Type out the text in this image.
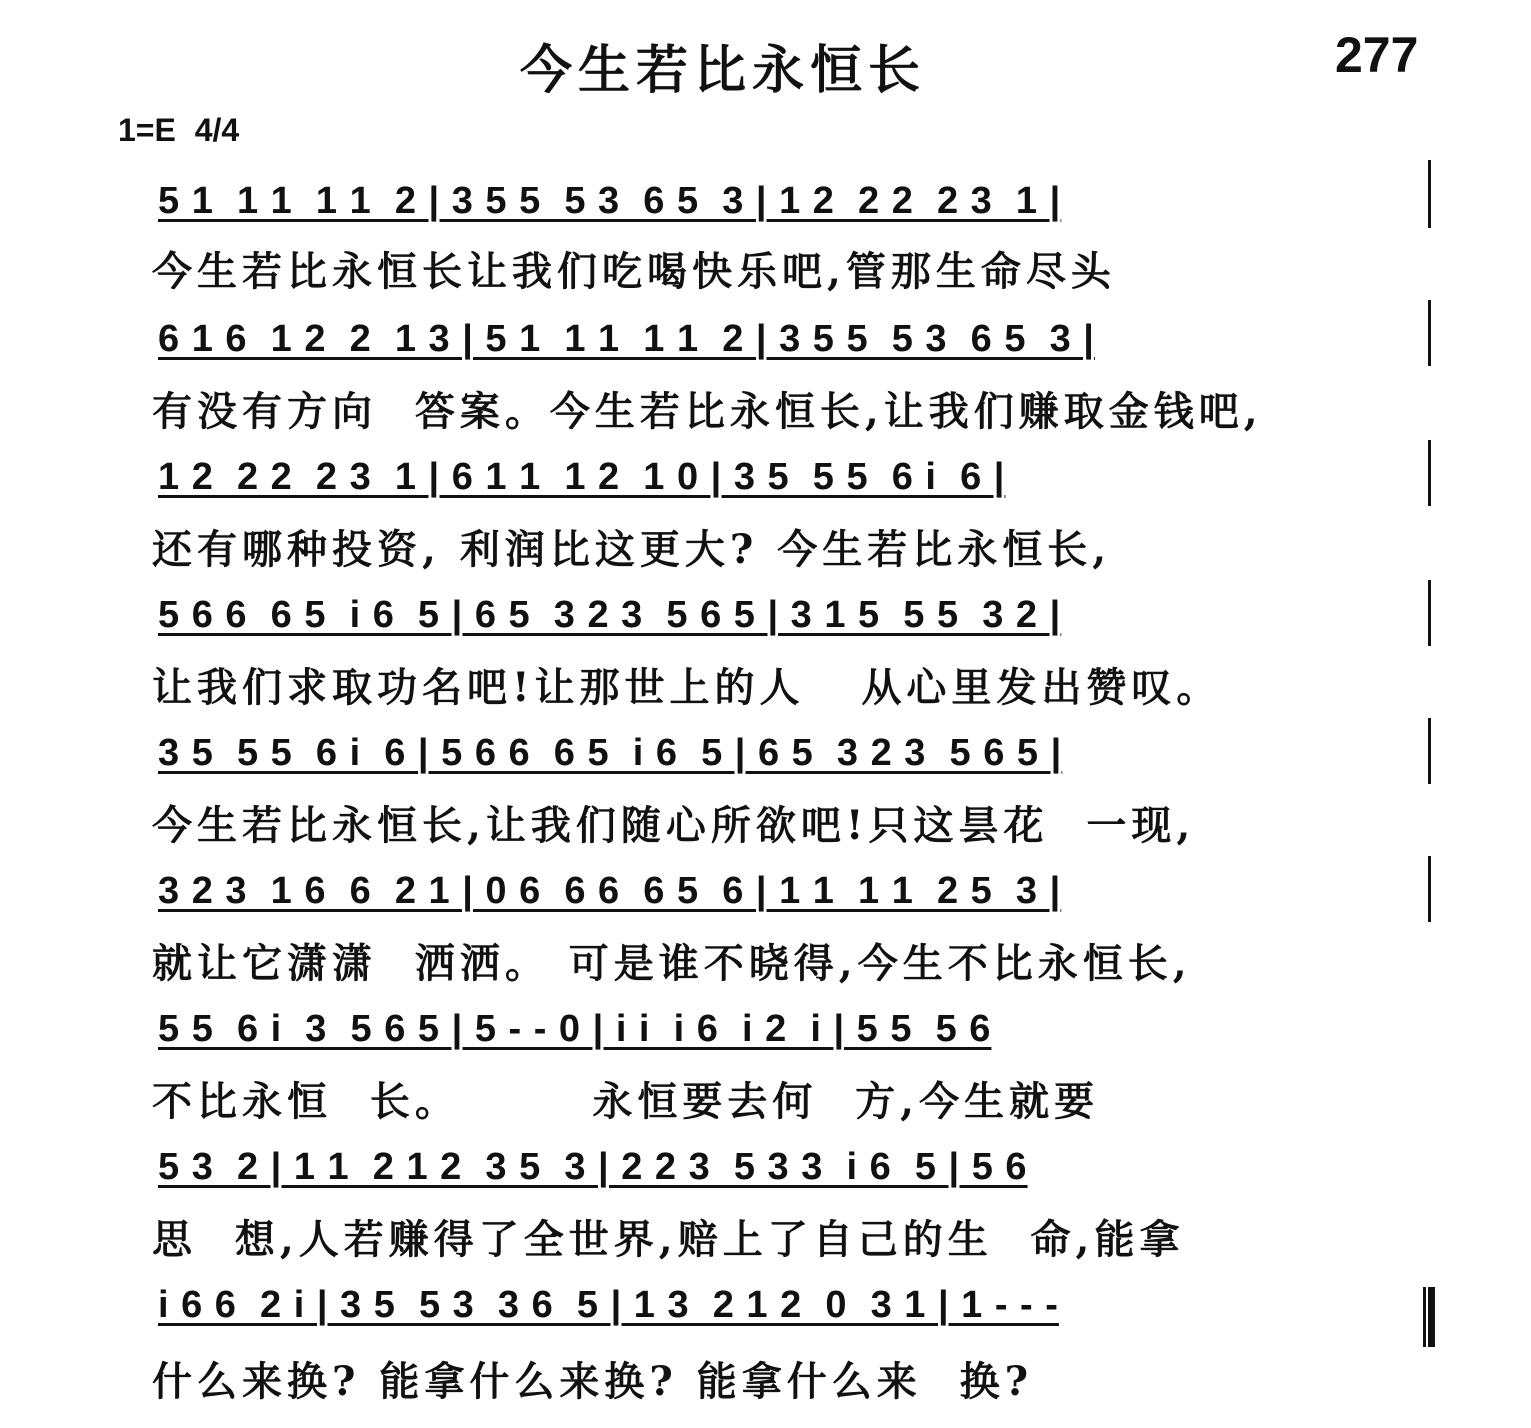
今生若比永恒长	277
1=E 4/4
5 1  1 1  1 1  2 | 3 5 5  5 3  6 5  3 | 1 2  2 2  2 3  1 |
今生若比永恒长让我们吃喝快乐吧,管那生命尽头
6 1 6  1 2  2  1 3 | 5 1  1 1  1 1  2 | 3 5 5  5 3  6 5  3 |
有没有方向  答案。今生若比永恒长,让我们赚取金钱吧,
1 2  2 2  2 3  1 | 6 1 1  1 2  1 0 | 3 5  5 5  6 i  6 |
还有哪种投资, 利润比这更大? 今生若比永恒长,
5 6 6  6 5  i 6  5 | 6 5  3 2 3  5 6 5 | 3 1 5  5 5  3 2 |
让我们求取功名吧!让那世上的人   从心里发出赞叹。
3 5  5 5  6 i  6 | 5 6 6  6 5  i 6  5 | 6 5  3 2 3  5 6 5 |
今生若比永恒长,让我们随心所欲吧!只这昙花  一现,
3 2 3  1 6  6  2 1 | 0 6  6 6  6 5  6 | 1 1  1 1  2 5  3 |
就让它潇潇  洒洒。 可是谁不晓得,今生不比永恒长,
5 5  6 i  3  5 6 5 | 5 - - 0 | i i  i 6  i 2  i | 5 5  5 6
不比永恒  长。       永恒要去何  方,今生就要
5 3  2 | 1 1  2 1 2  3 5  3 | 2 2 3  5 3 3  i 6  5 | 5 6
思  想,人若赚得了全世界,赔上了自己的生  命,能拿
i 6 6  2 i | 3 5  5 3  3 6  5 | 1 3  2 1 2  0  3 1 | 1 - - -
什么来换? 能拿什么来换? 能拿什么来  换?
